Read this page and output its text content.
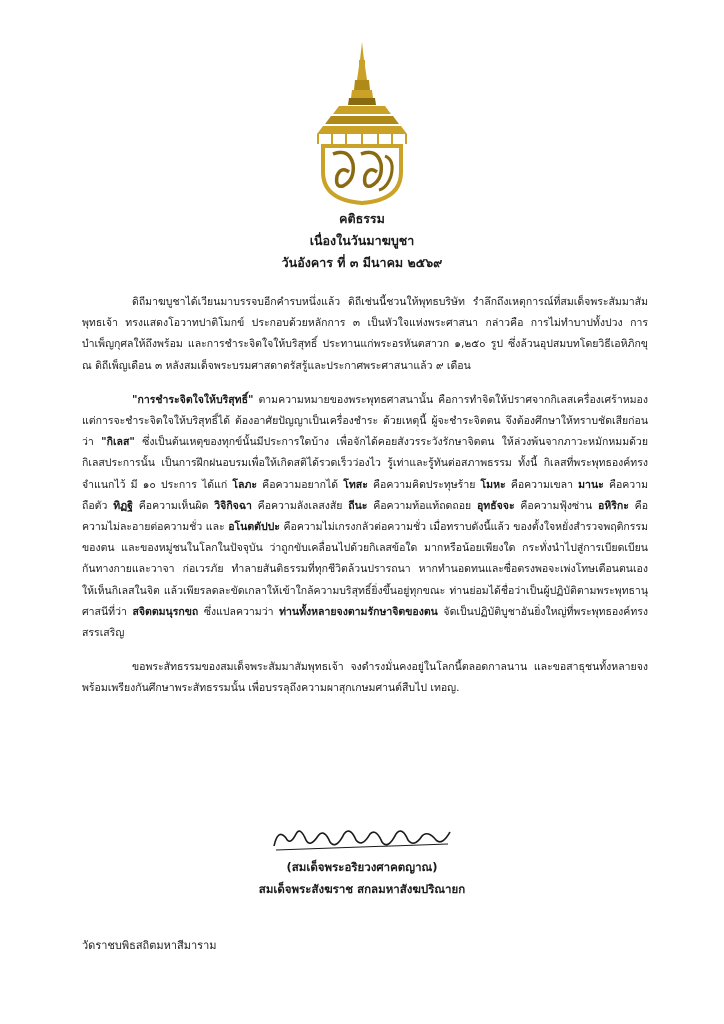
คติธรรม
เนื่องในวันมาฆบูชา
วันอังคาร ที่ ๓ มีนาคม ๒๕๖๙

ดิถีมาฆบูชาได้เวียนมาบรรจบอีกคำรบหนึ่งแล้ว ดิถีเช่นนี้ชวนให้พุทธบริษัท รำลึกถึงเหตุการณ์ที่สมเด็จพระสัมมาสัมพุทธเจ้า ทรงแสดงโอวาทปาติโมกข์ ประกอบด้วยหลักการ ๓ เป็นหัวใจแห่งพระศาสนา กล่าวคือ การไม่ทำบาปทั้งปวง การบำเพ็ญกุศลให้ถึงพร้อม และการชำระจิตใจให้บริสุทธิ์ ประทานแก่พระอรหันตสาวก ๑,๒๕๐ รูป ซึ่งล้วนอุปสมบทโดยวิธีเอหิภิกขุ ณ ดิถีเพ็ญเดือน ๓ หลังสมเด็จพระบรมศาสดาตรัสรู้และประกาศพระศาสนาแล้ว ๙ เดือน

"การชำระจิตใจให้บริสุทธิ์" ตามความหมายของพระพุทธศาสนานั้น คือการทำจิตให้ปราศจากกิเลสเครื่องเศร้าหมอง แต่การจะชำระจิตใจให้บริสุทธิ์ได้ ต้องอาศัยปัญญาเป็นเครื่องชำระ ด้วยเหตุนี้ ผู้จะชำระจิตตน จึงต้องศึกษาให้ทราบชัดเสียก่อนว่า "กิเลส" ซึ่งเป็นต้นเหตุของทุกข์นั้นมีประการใดบ้าง เพื่อจักได้คอยสังวรระวังรักษาจิตตน ให้ล่วงพ้นจากภาวะหมักหมมด้วยกิเลสประการนั้น เป็นการฝึกฝนอบรมเพื่อให้เกิดสติได้รวดเร็วว่องไว รู้เท่าและรู้ทันต่อสภาพธรรม ทั้งนี้ กิเลสที่พระพุทธองค์ทรงจำแนกไว้ มี ๑๐ ประการ ได้แก่ โลภะ คือความอยากได้ โทสะ คือความคิดประทุษร้าย โมหะ คือความเขลา มานะ คือความถือตัว ทิฏฐิ คือความเห็นผิด วิจิกิจฉา คือความลังเลสงสัย ถีนะ คือความท้อแท้ถดถอย อุทธัจจะ คือความฟุ้งซ่าน อหิริกะ คือความไม่ละอายต่อความชั่ว และ อโนตตัปปะ คือความไม่เกรงกลัวต่อความชั่ว เมื่อทราบดังนี้แล้ว ของตั้งใจหยั่งสำรวจพฤติกรรมของตน และของหมู่ชนในโลกในปัจจุบัน ว่าถูกขับเคลื่อนไปด้วยกิเลสข้อใด มากหรือน้อยเพียงใด กระทั่งนำไปสู่การเบียดเบียนกันทางกายและวาจา ก่อเวรภัย ทำลายสันติธรรมที่ทุกชีวิตล้วนปรารถนา หากทำนอดทนและซื่อตรงพอจะเพ่งโทษเตือนตนเอง ให้เห็นกิเลสในจิต แล้วเพียรลดละขัดเกลาให้เข้าใกล้ความบริสุทธิ์ยิ่งขึ้นอยู่ทุกขณะ ท่านย่อมได้ชื่อว่าเป็นผู้ปฏิบัติตามพระพุทธานุศาสนีที่ว่า สจิตตมนุรกขถ ซึ่งแปลความว่า ท่านทั้งหลายจงตามรักษาจิตของตน จัดเป็นปฏิบัติบูชาอันยิ่งใหญ่ที่พระพุทธองค์ทรงสรรเสริญ

ขอพระสัทธรรมของสมเด็จพระสัมมาสัมพุทธเจ้า จงดำรงมั่นคงอยู่ในโลกนี้ตลอดกาลนาน และขอสาธุชนทั้งหลายจงพร้อมเพรียงกันศึกษาพระสัทธรรมนั้น เพื่อบรรลุถึงความผาสุกเกษมศานต์สืบไป เทอญ.

(สมเด็จพระอริยวงศาคตญาณ)
สมเด็จพระสังฆราช สกลมหาสังฆปริณายก
วัดราชบพิธสถิตมหาสีมาราม
